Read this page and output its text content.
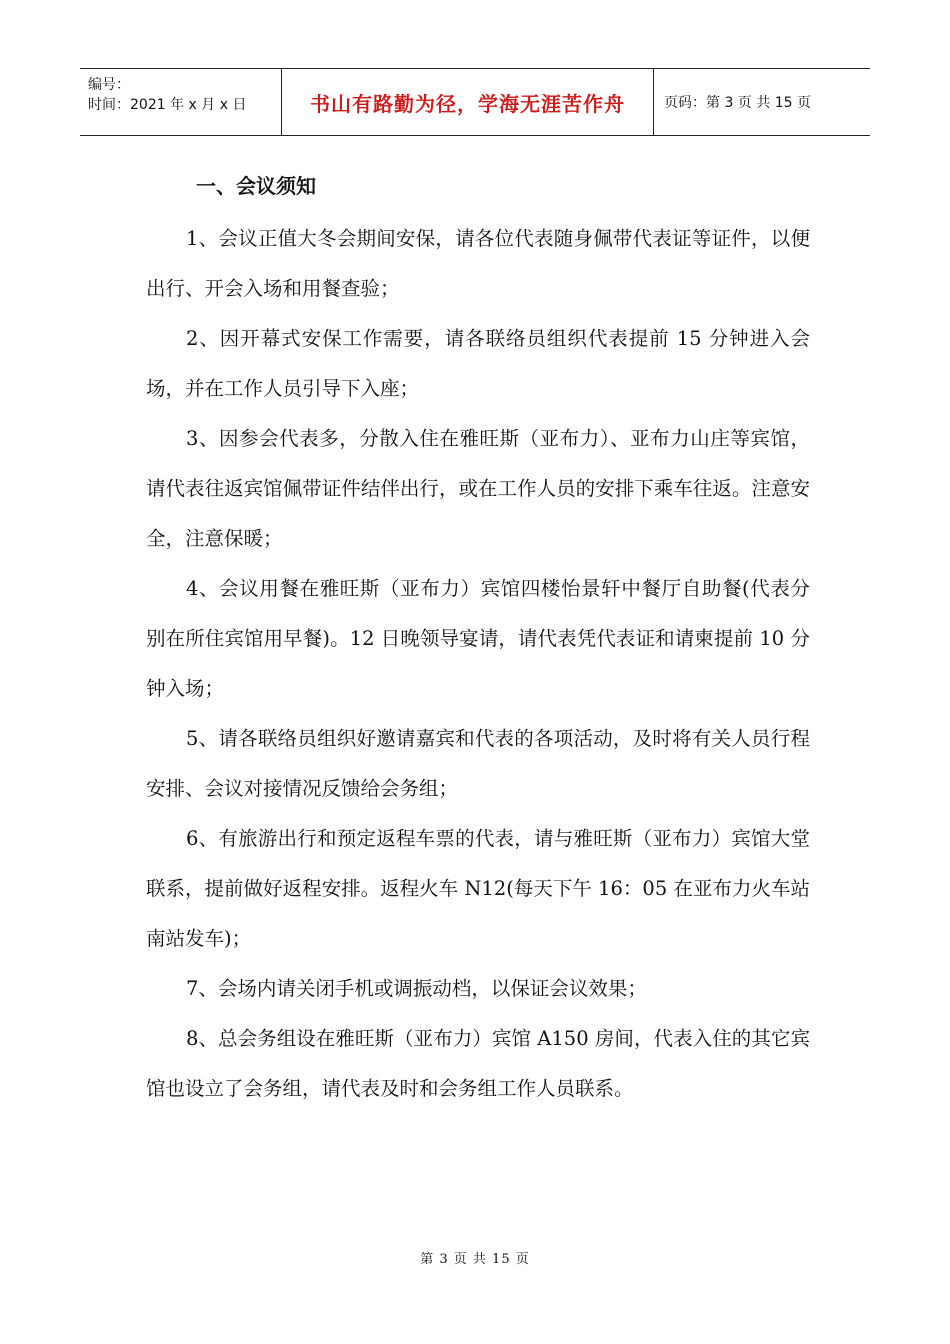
编号：
时间：2021 年 x 月 x 日	书山有路勤为径，学海无涯苦作舟	页码：第 3 页 共 15 页
一、会议须知

1、会议正值大冬会期间安保，请各位代表随身佩带代表证等证件，以便出行、开会入场和用餐查验；

2、因开幕式安保工作需要，请各联络员组织代表提前 15 分钟进入会场，并在工作人员引导下入座；

3、因参会代表多，分散入住在雅旺斯（亚布力）、亚布力山庄等宾馆，请代表往返宾馆佩带证件结伴出行，或在工作人员的安排下乘车往返。注意安全，注意保暖；

4、会议用餐在雅旺斯（亚布力）宾馆四楼怡景轩中餐厅自助餐(代表分别在所住宾馆用早餐)。12 日晚领导宴请，请代表凭代表证和请柬提前 10 分钟入场；

5、请各联络员组织好邀请嘉宾和代表的各项活动，及时将有关人员行程安排、会议对接情况反馈给会务组；

6、有旅游出行和预定返程车票的代表，请与雅旺斯（亚布力）宾馆大堂联系，提前做好返程安排。返程火车 N12(每天下午 16：05 在亚布力火车站南站发车)；

7、会场内请关闭手机或调振动档，以保证会议效果；

8、总会务组设在雅旺斯（亚布力）宾馆 A150 房间，代表入住的其它宾馆也设立了会务组，请代表及时和会务组工作人员联系。

第 3 页 共 15 页
